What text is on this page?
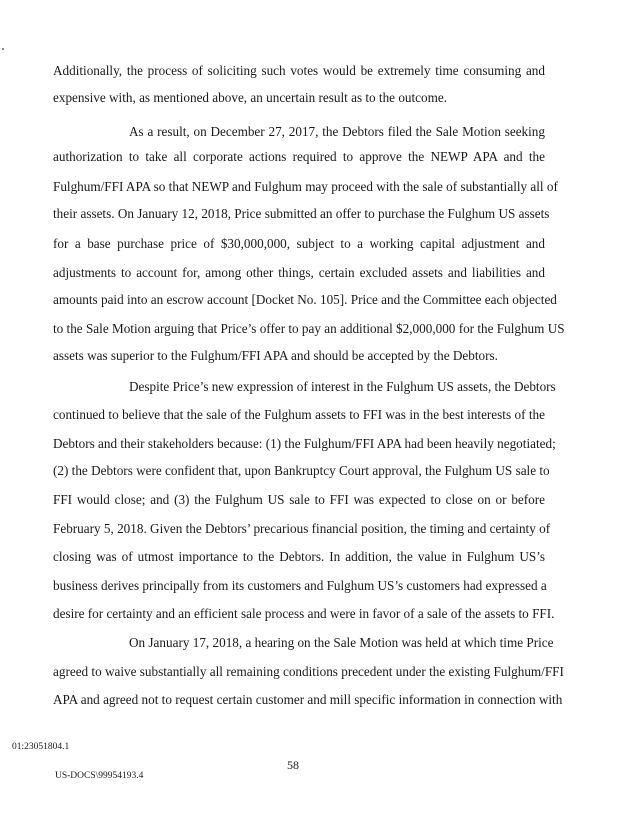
Additionally, the process of soliciting such votes would be extremely time consuming and

expensive with, as mentioned above, an uncertain result as to the outcome.

As a result, on December 27, 2017, the Debtors filed the Sale Motion seeking

authorization to take all corporate actions required to approve the NEWP APA and the

Fulghum/FFI APA so that NEWP and Fulghum may proceed with the sale of substantially all of

their assets. On January 12, 2018, Price submitted an offer to purchase the Fulghum US assets

for a base purchase price of $30,000,000, subject to a working capital adjustment and

adjustments to account for, among other things, certain excluded assets and liabilities and

amounts paid into an escrow account [Docket No. 105]. Price and the Committee each objected

to the Sale Motion arguing that Price’s offer to pay an additional $2,000,000 for the Fulghum US

assets was superior to the Fulghum/FFI APA and should be accepted by the Debtors.

Despite Price’s new expression of interest in the Fulghum US assets, the Debtors

continued to believe that the sale of the Fulghum assets to FFI was in the best interests of the

Debtors and their stakeholders because: (1) the Fulghum/FFI APA had been heavily negotiated;

(2) the Debtors were confident that, upon Bankruptcy Court approval, the Fulghum US sale to

FFI would close; and (3) the Fulghum US sale to FFI was expected to close on or before

February 5, 2018. Given the Debtors’ precarious financial position, the timing and certainty of

closing was of utmost importance to the Debtors. In addition, the value in Fulghum US’s

business derives principally from its customers and Fulghum US’s customers had expressed a

desire for certainty and an efficient sale process and were in favor of a sale of the assets to FFI.

On January 17, 2018, a hearing on the Sale Motion was held at which time Price

agreed to waive substantially all remaining conditions precedent under the existing Fulghum/FFI

APA and agreed not to request certain customer and mill specific information in connection with

01:23051804.1
58
US-DOCS\99954193.4
